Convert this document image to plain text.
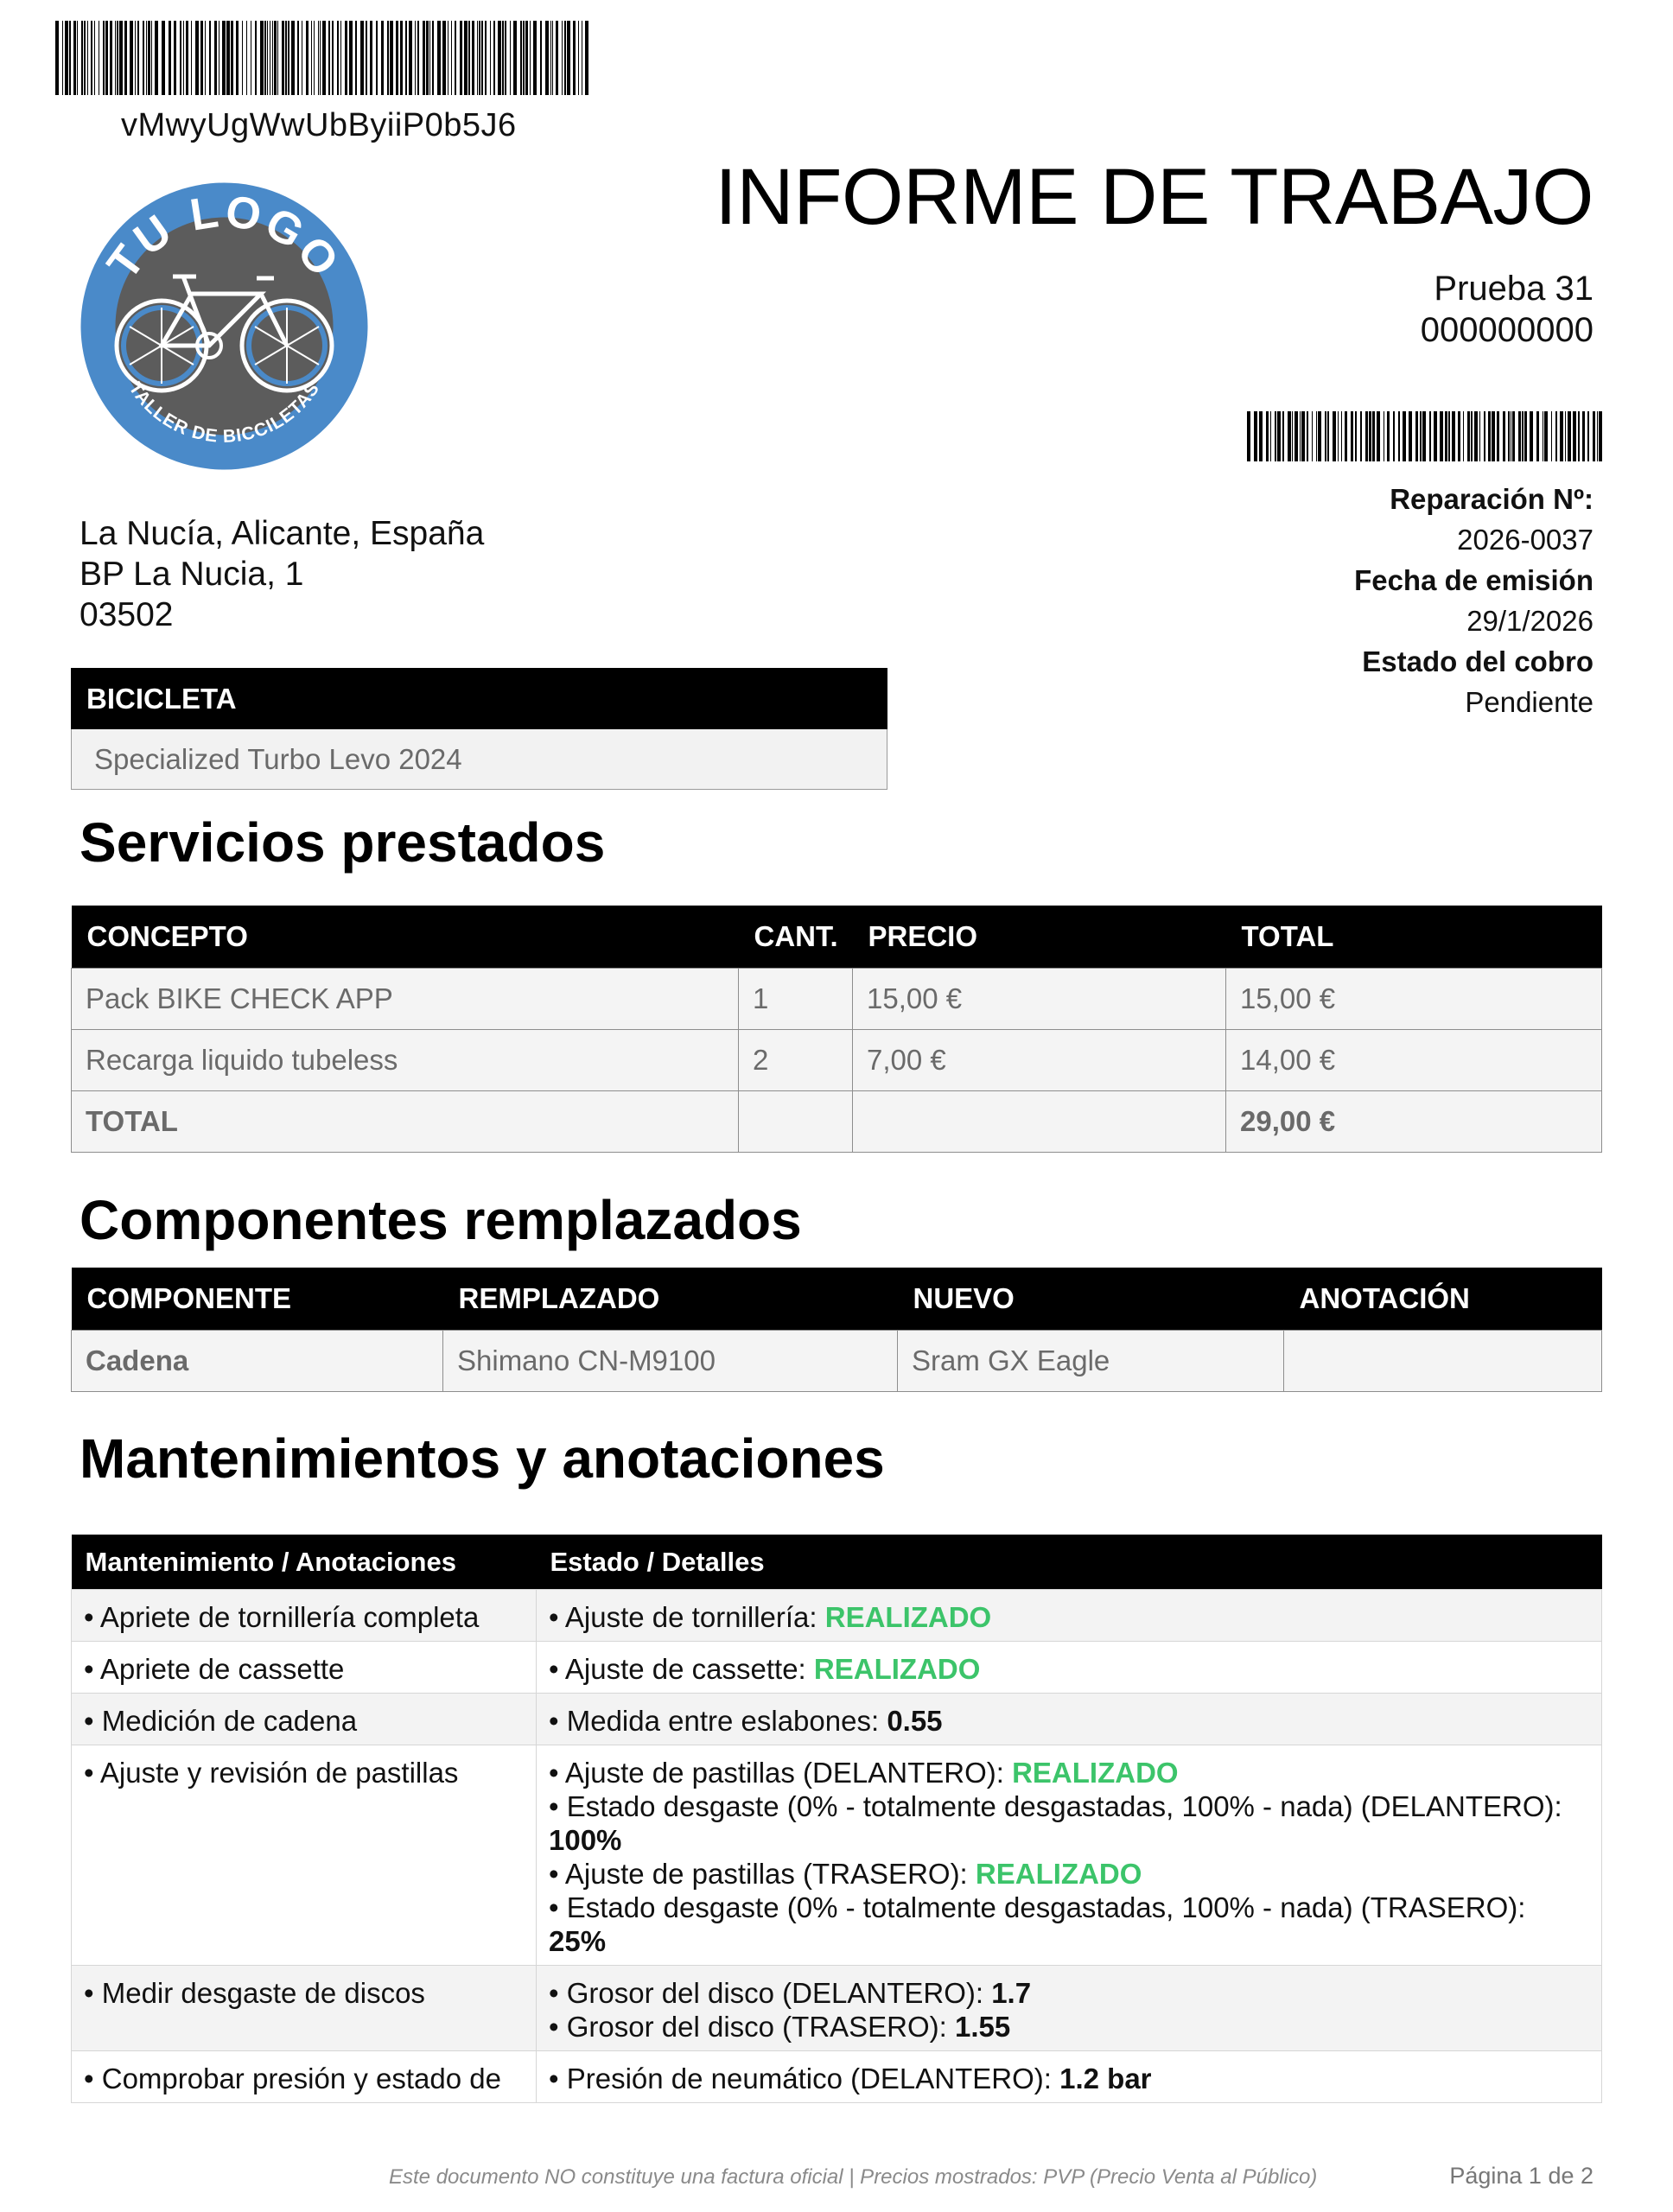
vMwyUgWwUbByiiP0b5J6
TU LOGO
TALLER DE BICCILETAS
INFORME DE TRABAJO
Prueba 31
000000000
Reparación Nº:
2026-0037
Fecha de emisión
29/1/2026
Estado del cobro
Pendiente
La Nucía, Alicante, España
BP La Nucia, 1
03502
BICICLETA
Specialized Turbo Levo 2024
Servicios prestados
CONCEPTO	CANT.	PRECIO	TOTAL
Pack BIKE CHECK APP	1	15,00 €	15,00 €
Recarga liquido tubeless	2	7,00 €	14,00 €
TOTAL			29,00 €
Componentes remplazados
COMPONENTE	REMPLAZADO	NUEVO	ANOTACIÓN
Cadena	Shimano CN-M9100	Sram GX Eagle	
Mantenimientos y anotaciones
Mantenimiento / Anotaciones	Estado / Detalles
• Apriete de tornillería completa	• Ajuste de tornillería: REALIZADO

• Apriete de cassette	• Ajuste de cassette: REALIZADO

• Medición de cadena	• Medida entre eslabones: 0.55

• Ajuste y revisión de pastillas	• Ajuste de pastillas (DELANTERO): REALIZADO
• Estado desgaste (0% - totalmente desgastadas, 100% - nada) (DELANTERO): 100%
• Ajuste de pastillas (TRASERO): REALIZADO
• Estado desgaste (0% - totalmente desgastadas, 100% - nada) (TRASERO): 25%

• Medir desgaste de discos	• Grosor del disco (DELANTERO): 1.7
• Grosor del disco (TRASERO): 1.55

• Comprobar presión y estado de	• Presión de neumático (DELANTERO): 1.2 bar
Este documento NO constituye una factura oficial | Precios mostrados: PVP (Precio Venta al Público)	Página 1 de 2
